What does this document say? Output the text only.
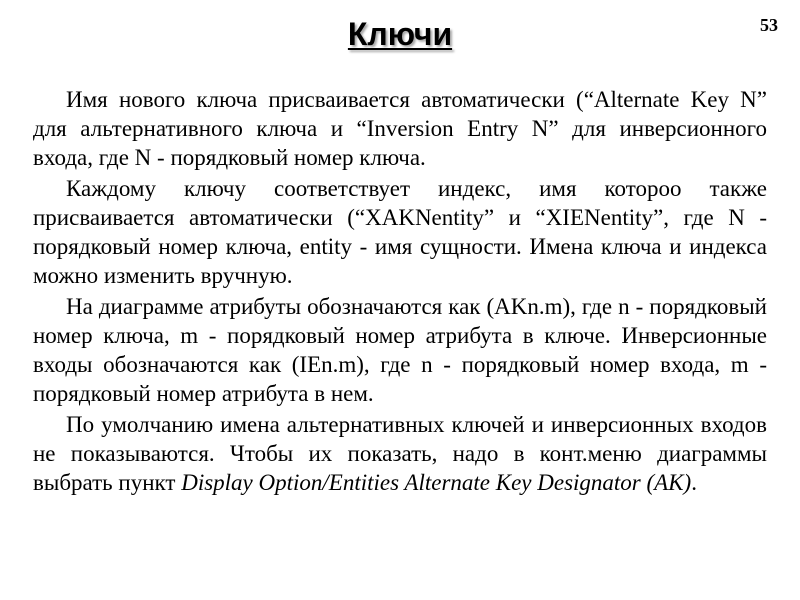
Ключи	53

Имя нового ключа присваивается автоматически (“Alternate Key N” для альтернативного ключа и “Inversion Entry N” для инверсионного входа, где N - порядковый номер ключа.

Каждому ключу соответствует индекс, имя котороо также присваивается автоматически (“XAKNentity” и “XIENentity”, где N - порядковый номер ключа, entity - имя сущности. Имена ключа и индекса можно изменить вручную.

На диаграмме атрибуты обозначаются как (AKn.m), где n - порядковый номер ключа, m - порядковый номер атрибута в ключе. Инверсионные входы обозначаются как (IEn.m), где n - порядковый номер входа, m - порядковый номер атрибута в нем.

По умолчанию имена альтернативных ключей и инверсионных входов не показываются. Чтобы их показать, надо в конт.меню диаграммы выбрать пункт Display Option/Entities Alternate Key Designator (AK).
